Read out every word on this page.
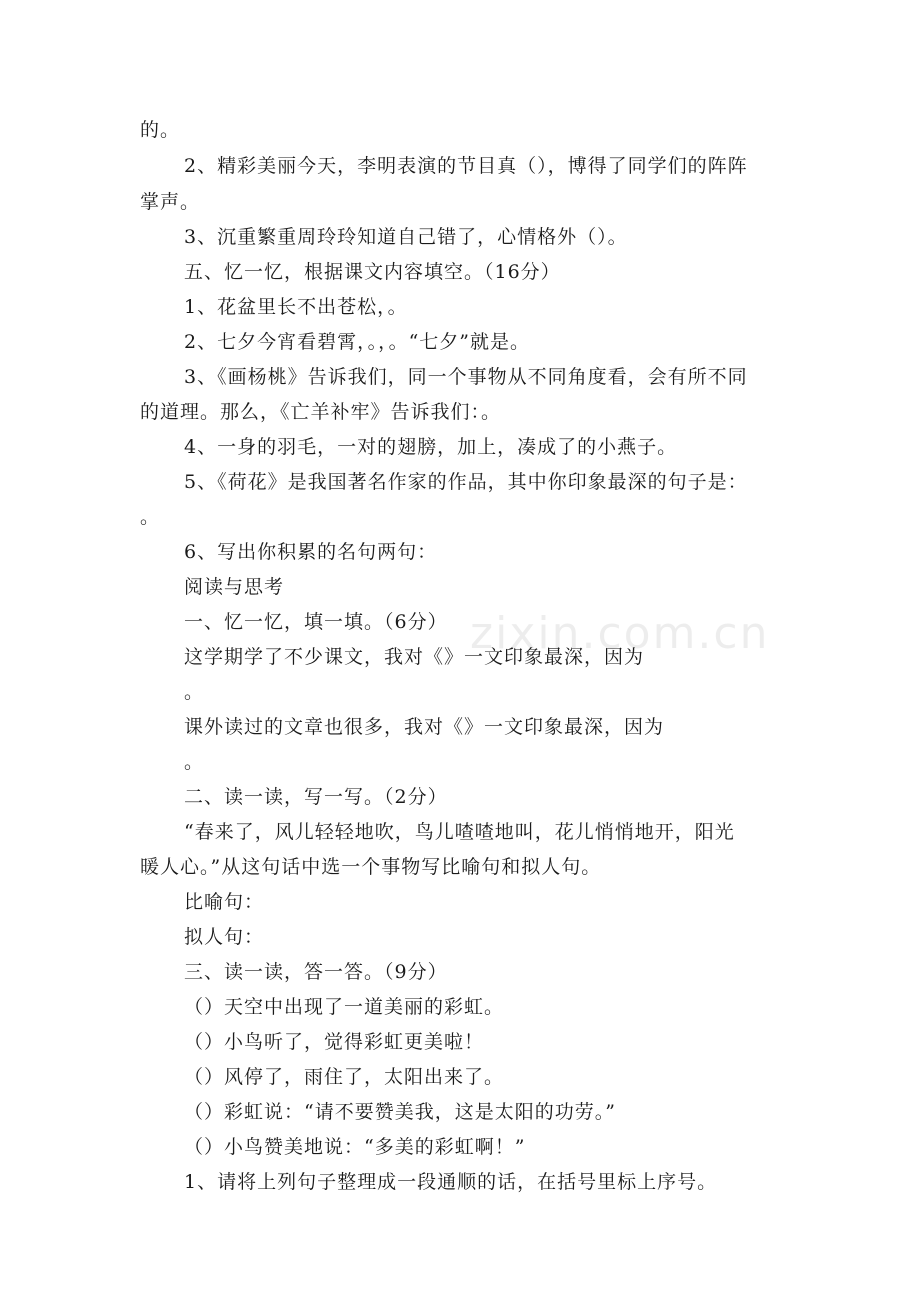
zixin.com.cn
的。
2、精彩美丽今天，李明表演的节目真（），博得了同学们的阵阵
掌声。
3、沉重繁重周玲玲知道自己错了，心情格外（）。
五、忆一忆，根据课文内容填空。（16分）
1、花盆里长不出苍松，。
2、七夕今宵看碧霄，。，。“七夕”就是。
3、《画杨桃》告诉我们，同一个事物从不同角度看，会有所不同
的道理。那么，《亡羊补牢》告诉我们：。
4、一身的羽毛，一对的翅膀，加上，凑成了的小燕子。
5、《荷花》是我国著名作家的作品，其中你印象最深的句子是：
。
6、写出你积累的名句两句：
阅读与思考
一、忆一忆，填一填。（6分）
这学期学了不少课文，我对《》一文印象最深，因为
。
课外读过的文章也很多，我对《》一文印象最深，因为
。
二、读一读，写一写。（2分）
“春来了，风儿轻轻地吹，鸟儿喳喳地叫，花儿悄悄地开，阳光
暖人心。”从这句话中选一个事物写比喻句和拟人句。
比喻句：
拟人句：
三、读一读，答一答。（9分）
（）天空中出现了一道美丽的彩虹。
（）小鸟听了，觉得彩虹更美啦！
（）风停了，雨住了，太阳出来了。
（）彩虹说：“请不要赞美我，这是太阳的功劳。”
（）小鸟赞美地说：“多美的彩虹啊！”
1、请将上列句子整理成一段通顺的话，在括号里标上序号。
